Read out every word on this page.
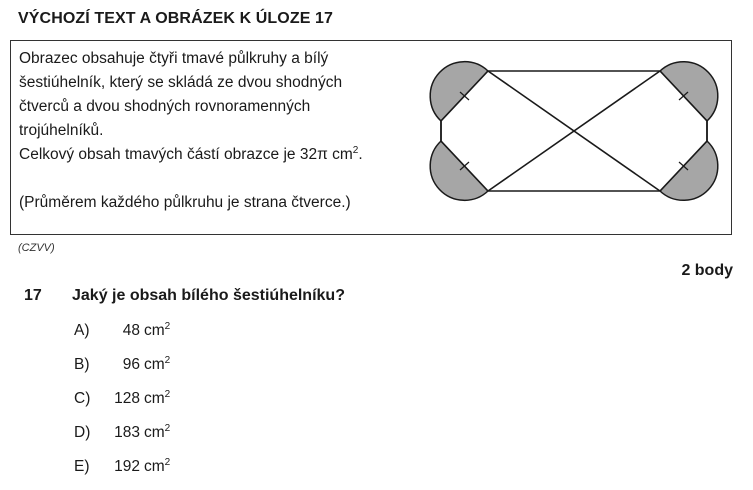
VÝCHOZÍ TEXT A OBRÁZEK K ÚLOZE 17

Obrazec obsahuje čtyři tmavé půlkruhy a bílý

šestiúhelník, který se skládá ze dvou shodných

čtverců a dvou shodných rovnoramenných

trojúhelníků.

Celkový obsah tmavých částí obrazce je 32π $cm^2$.

(Průměrem každého půlkruhu je strana čtverce.)

(CZVV)
2 body
17 Jaký je obsah bílého šestiúhelníku?
A)	48 $cm^2$
B)	96 $cm^2$
C)	128 $cm^2$
D)	183 $cm^2$
E)	192 $cm^2$
